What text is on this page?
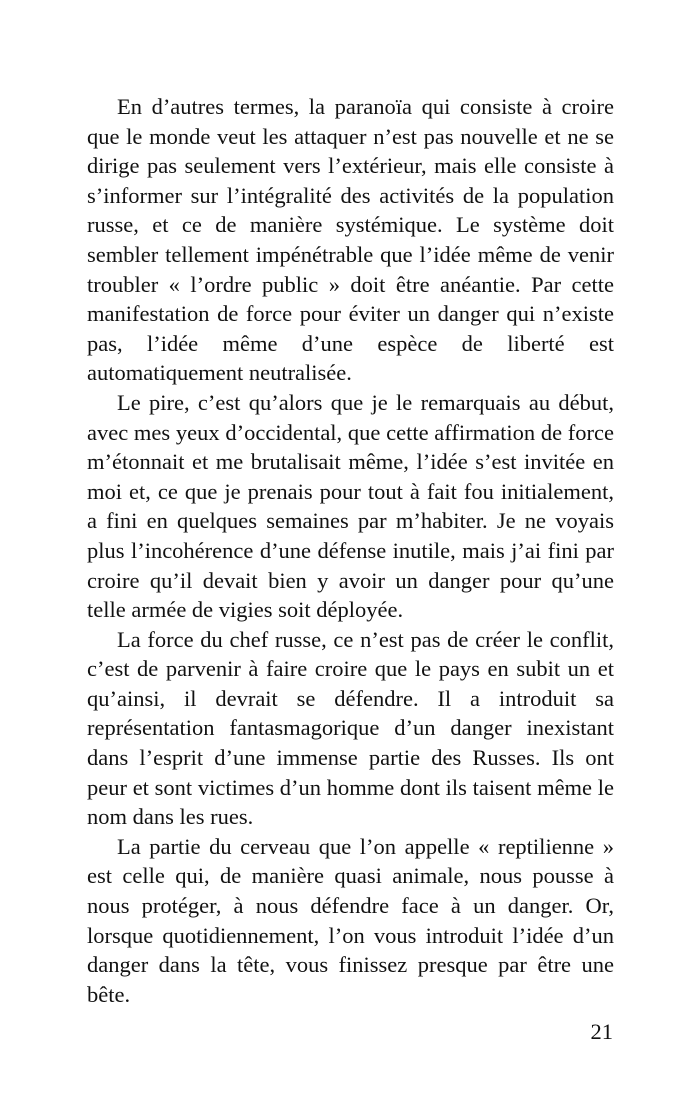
En d’autres termes, la paranoïa qui consiste à croire que le monde veut les attaquer n’est pas nouvelle et ne se dirige pas seulement vers l’extérieur, mais elle consiste à s’informer sur l’intégralité des activités de la population russe, et ce de manière systémique. Le système doit sembler tellement impénétrable que l’idée même de venir troubler « l’ordre public » doit être anéantie. Par cette manifestation de force pour éviter un danger qui n’existe pas, l’idée même d’une espèce de liberté est automatiquement neutralisée.

Le pire, c’est qu’alors que je le remarquais au début, avec mes yeux d’occidental, que cette affirmation de force m’étonnait et me brutalisait même, l’idée s’est invitée en moi et, ce que je prenais pour tout à fait fou initialement, a fini en quelques semaines par m’habiter. Je ne voyais plus l’incohérence d’une défense inutile, mais j’ai fini par croire qu’il devait bien y avoir un danger pour qu’une telle armée de vigies soit déployée.

La force du chef russe, ce n’est pas de créer le conflit, c’est de parvenir à faire croire que le pays en subit un et qu’ainsi, il devrait se défendre. Il a introduit sa représentation fantasmagorique d’un danger inexistant dans l’esprit d’une immense partie des Russes. Ils ont peur et sont victimes d’un homme dont ils taisent même le nom dans les rues.

La partie du cerveau que l’on appelle « reptilienne » est celle qui, de manière quasi animale, nous pousse à nous protéger, à nous défendre face à un danger. Or, lorsque quotidiennement, l’on vous introduit l’idée d’un danger dans la tête, vous finissez presque par être une bête.

21
